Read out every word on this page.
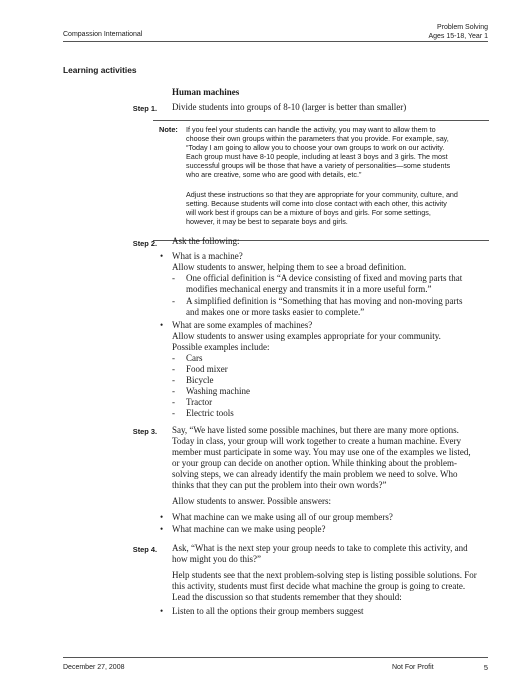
Compassion International
Problem Solving
Ages 15-18, Year 1
Learning activities
Human machines
Step 1. Divide students into groups of 8-10 (larger is better than smaller)
Note: If you feel your students can handle the activity, you may want to allow them to
choose their own groups within the parameters that you provide. For example, say,
“Today I am going to allow you to choose your own groups to work on our activity.
Each group must have 8-10 people, including at least 3 boys and 3 girls. The most
successful groups will be those that have a variety of personalities—some students
who are creative, some who are good with details, etc.”
Adjust these instructions so that they are appropriate for your community, culture, and
setting. Because students will come into close contact with each other, this activity
will work best if groups can be a mixture of boys and girls. For some settings,
however, it may be best to separate boys and girls.
Step 2. Ask the following:
• What is a machine?
Allow students to answer, helping them to see a broad definition.
- One official definition is “A device consisting of fixed and moving parts that
modifies mechanical energy and transmits it in a more useful form.”
- A simplified definition is “Something that has moving and non-moving parts
and makes one or more tasks easier to complete.”
• What are some examples of machines?
Allow students to answer using examples appropriate for your community.
Possible examples include:
- Cars
- Food mixer
- Bicycle
- Washing machine
- Tractor
- Electric tools
Step 3. Say, “We have listed some possible machines, but there are many more options.
Today in class, your group will work together to create a human machine. Every
member must participate in some way. You may use one of the examples we listed,
or your group can decide on another option. While thinking about the problem-
solving steps, we can already identify the main problem we need to solve. Who
thinks that they can put the problem into their own words?”
Allow students to answer. Possible answers:
• What machine can we make using all of our group members?
• What machine can we make using people?
Step 4. Ask, “What is the next step your group needs to take to complete this activity, and
how might you do this?”
Help students see that the next problem-solving step is listing possible solutions. For
this activity, students must first decide what machine the group is going to create.
Lead the discussion so that students remember that they should:
• Listen to all the options their group members suggest
December 27, 2008	Not For Profit	5
